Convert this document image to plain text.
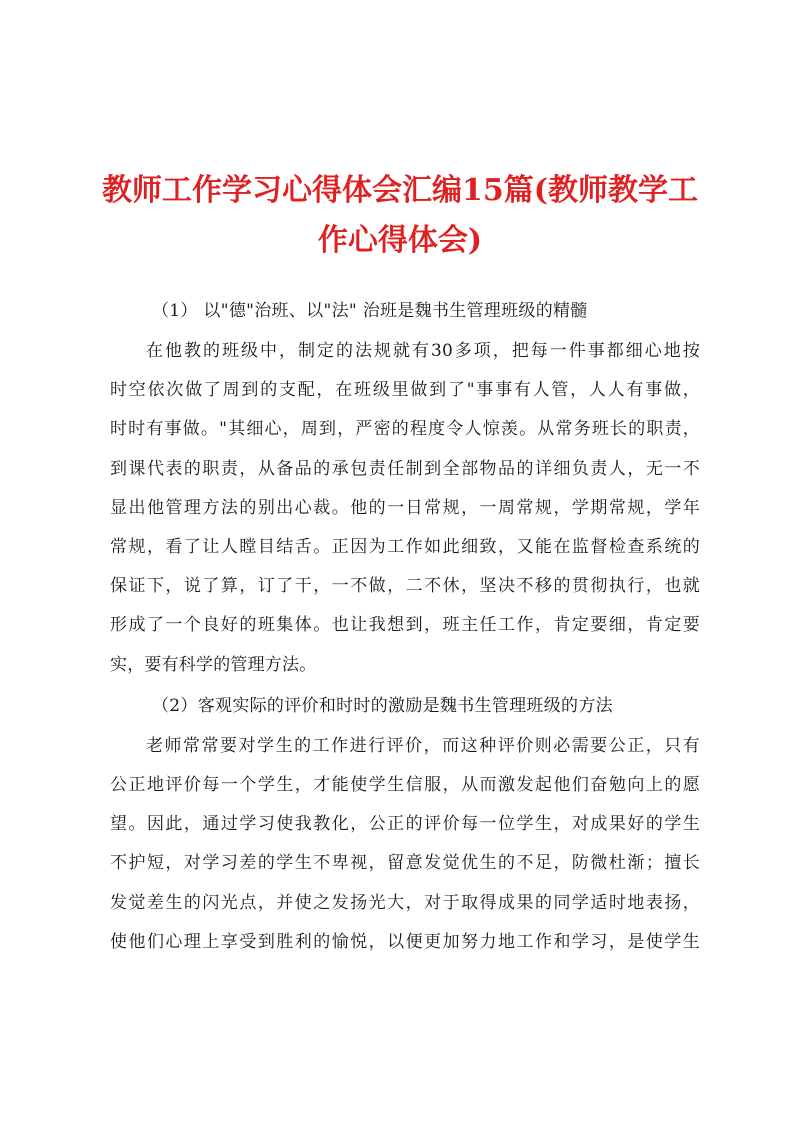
教师工作学习心得体会汇编15篇(教师教学工
作心得体会)

（1） 以"德"治班、以"法" 治班是魏书生管理班级的精髓

在他教的班级中，制定的法规就有30多项，把每一件事都细心地按

时空依次做了周到的支配，在班级里做到了"事事有人管，人人有事做，

时时有事做。"其细心，周到，严密的程度令人惊羡。从常务班长的职责，

到课代表的职责，从备品的承包责任制到全部物品的详细负责人，无一不

显出他管理方法的别出心裁。他的一日常规，一周常规，学期常规，学年

常规，看了让人瞠目结舌。正因为工作如此细致，又能在监督检查系统的

保证下，说了算，订了干，一不做，二不休，坚决不移的贯彻执行，也就

形成了一个良好的班集体。也让我想到，班主任工作，肯定要细，肯定要

实，要有科学的管理方法。

（2）客观实际的评价和时时的激励是魏书生管理班级的方法

老师常常要对学生的工作进行评价，而这种评价则必需要公正，只有

公正地评价每一个学生，才能使学生信服，从而激发起他们奋勉向上的愿

望。因此，通过学习使我教化，公正的评价每一位学生，对成果好的学生

不护短，对学习差的学生不卑视，留意发觉优生的不足，防微杜渐；擅长

发觉差生的闪光点，并使之发扬光大，对于取得成果的同学适时地表扬，

使他们心理上享受到胜利的愉悦，以便更加努力地工作和学习，是使学生
